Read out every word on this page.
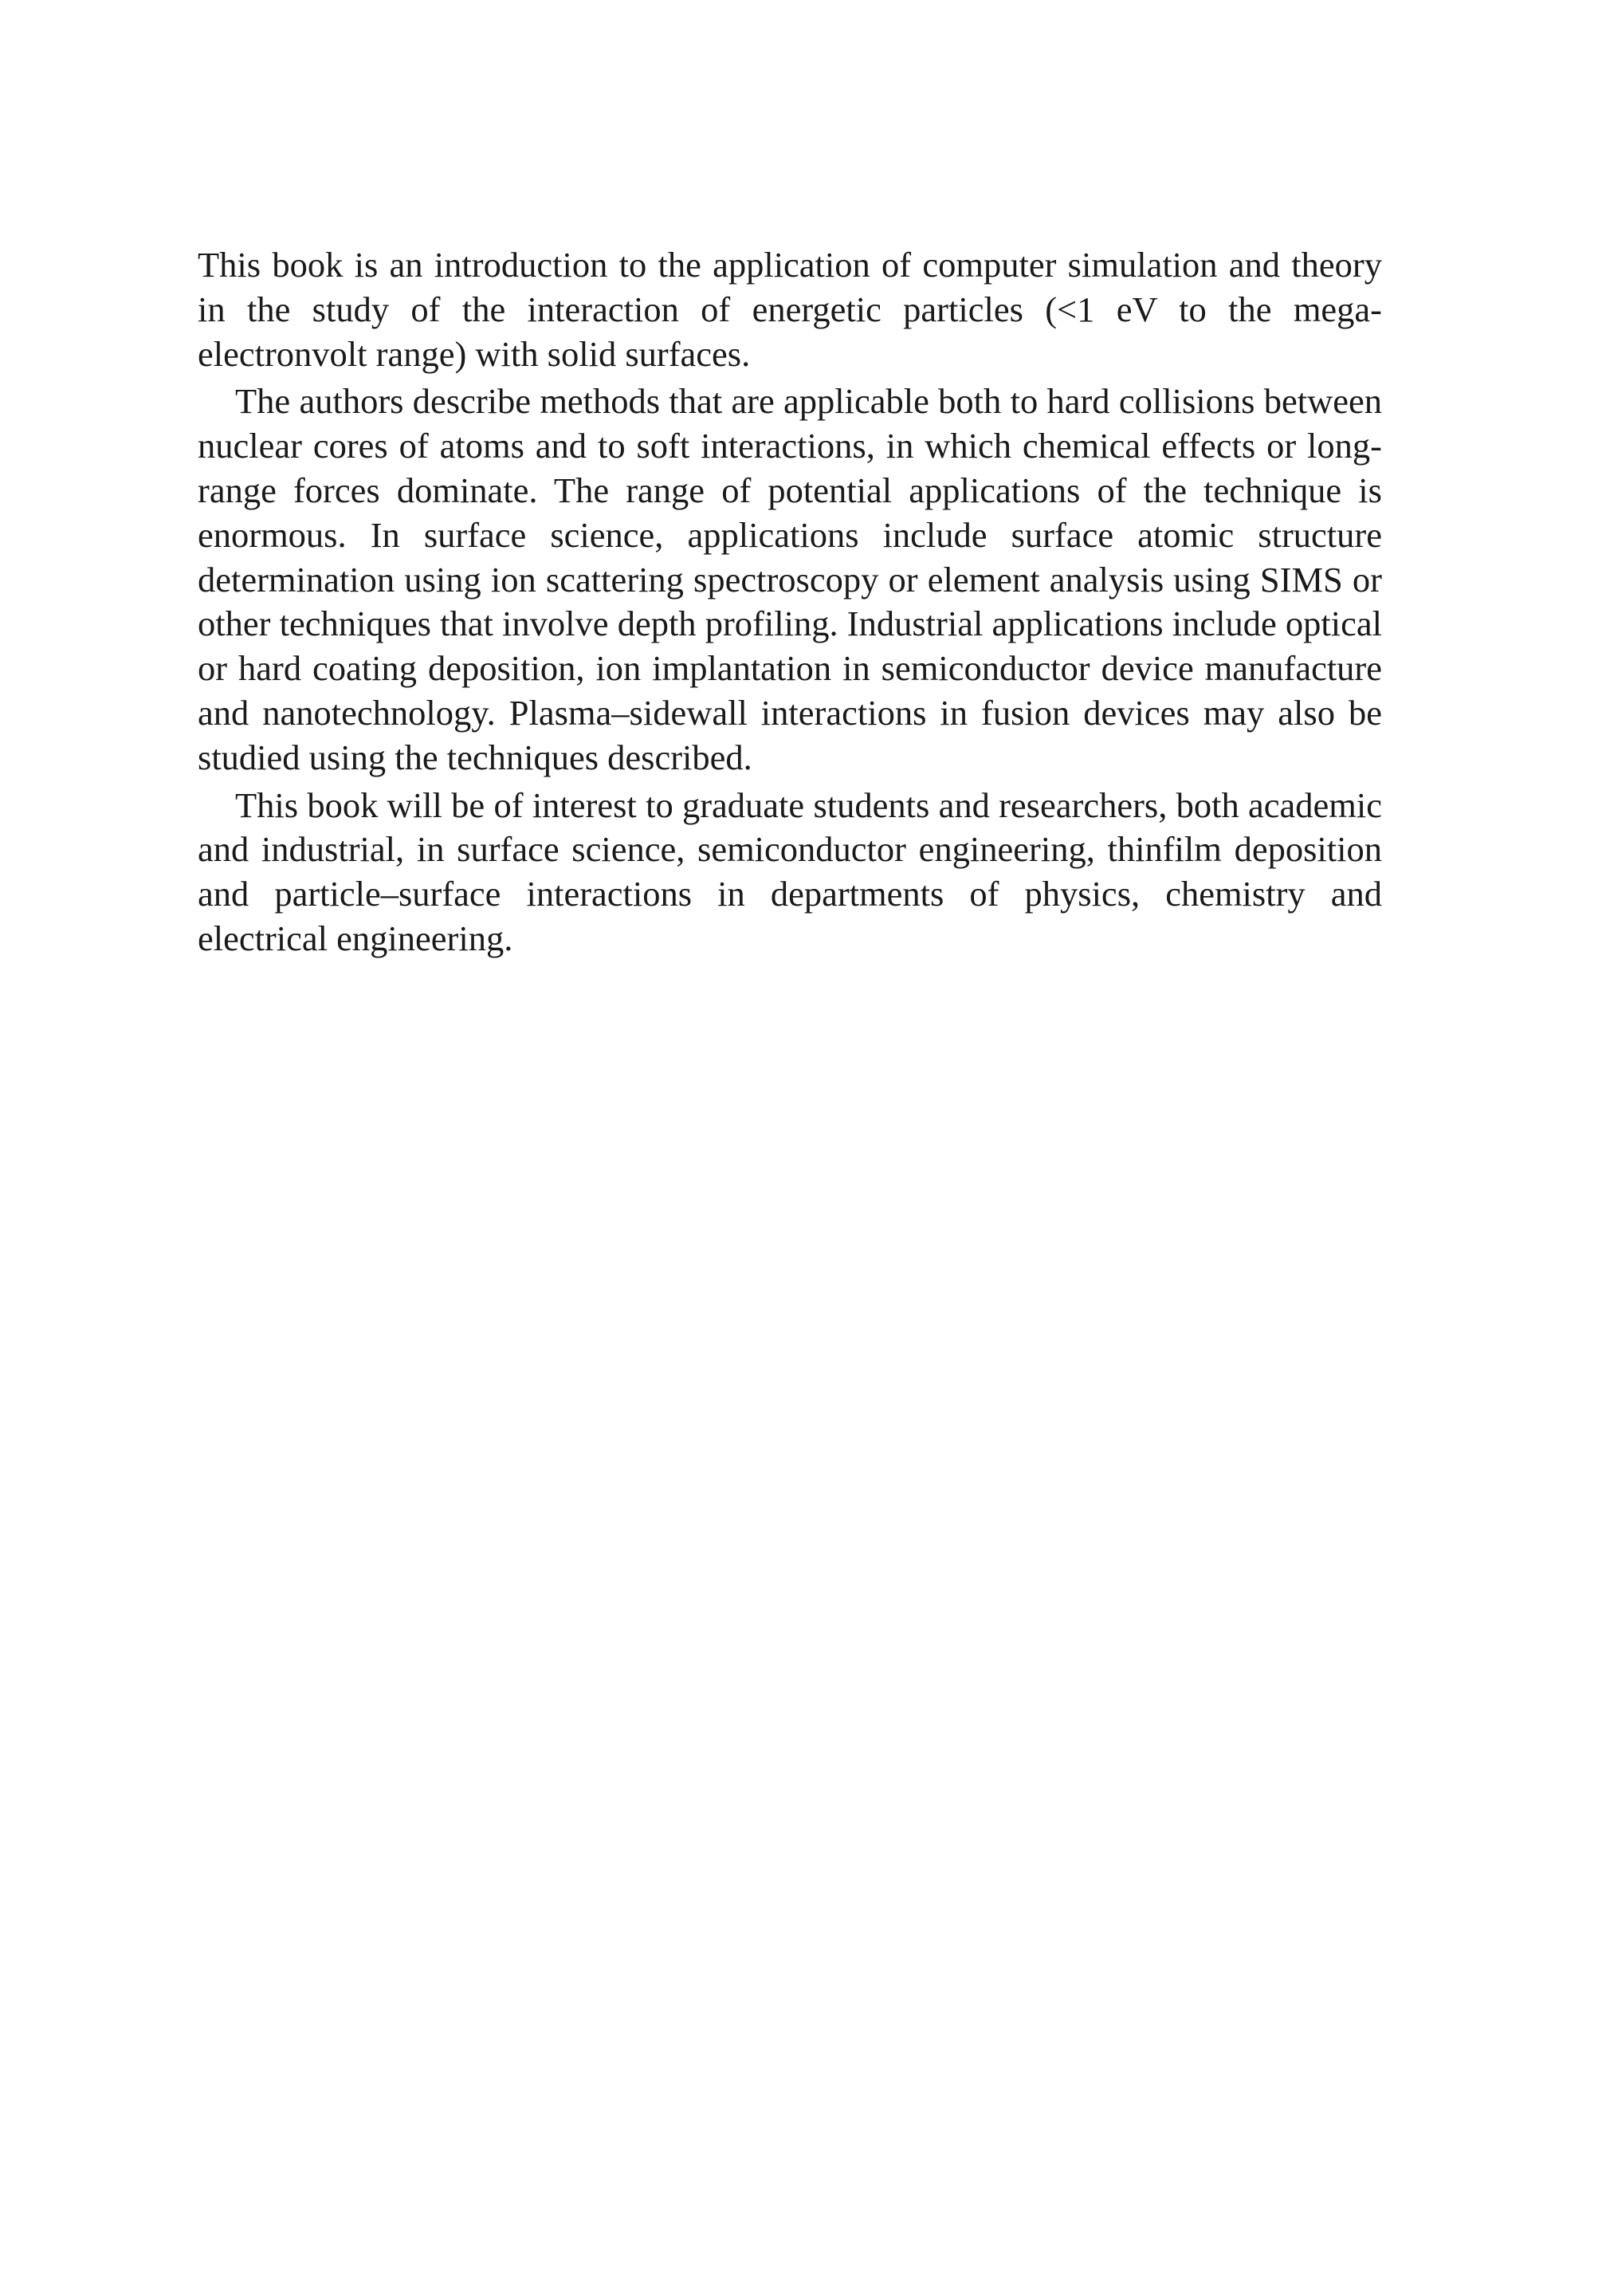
This book is an introduction to the application of computer simulation and theory in the study of the interaction of energetic particles (<1 eV to the mega-electronvolt range) with solid surfaces.

The authors describe methods that are applicable both to hard collisions between nuclear cores of atoms and to soft interactions, in which chemical effects or long-range forces dominate. The range of potential applications of the technique is enormous. In surface science, applications include surface atomic structure determination using ion scattering spectroscopy or element analysis using SIMS or other techniques that involve depth profiling. Industrial applications include optical or hard coating deposition, ion implantation in semiconductor device manufacture and nanotechnology. Plasma–sidewall interactions in fusion devices may also be studied using the techniques described.

This book will be of interest to graduate students and researchers, both academic and industrial, in surface science, semiconductor engineering, thinfilm deposition and particle–surface interactions in departments of physics, chemistry and electrical engineering.
